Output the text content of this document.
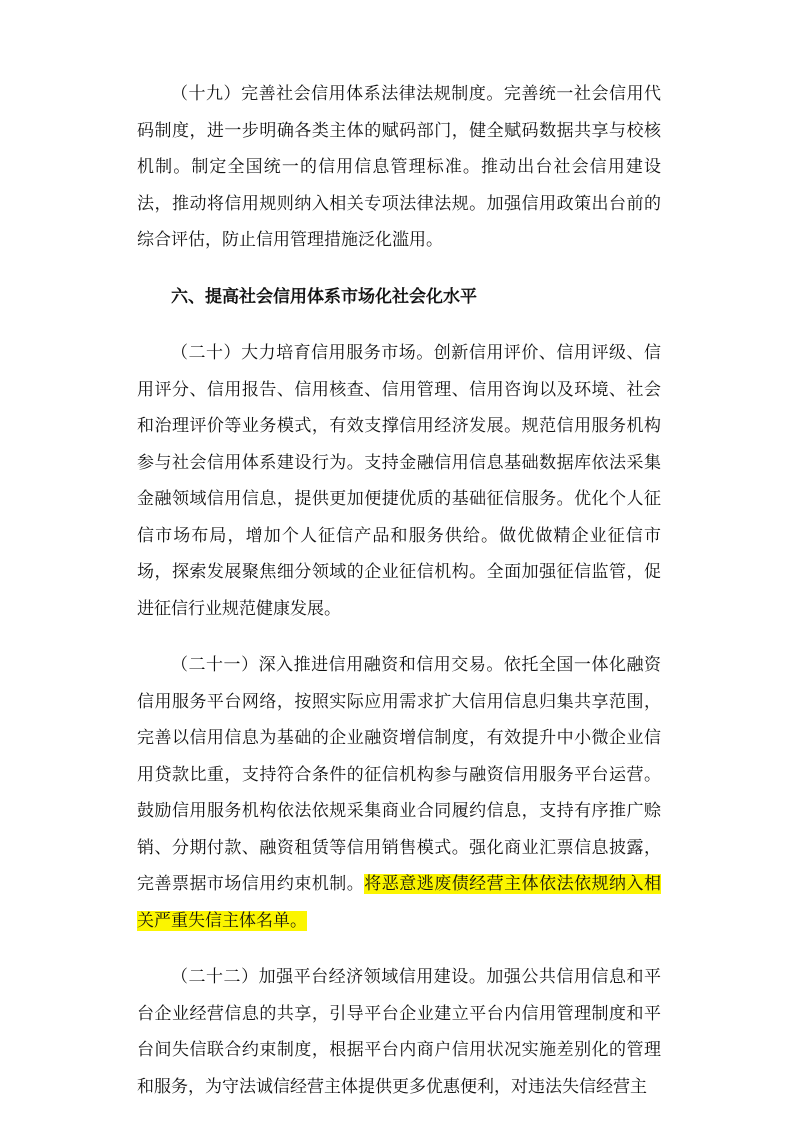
（十九）完善社会信用体系法律法规制度。完善统一社会信用代码制度，进一步明确各类主体的赋码部门，健全赋码数据共享与校核机制。制定全国统一的信用信息管理标准。推动出台社会信用建设法，推动将信用规则纳入相关专项法律法规。加强信用政策出台前的综合评估，防止信用管理措施泛化滥用。

六、提高社会信用体系市场化社会化水平

（二十）大力培育信用服务市场。创新信用评价、信用评级、信用评分、信用报告、信用核查、信用管理、信用咨询以及环境、社会和治理评价等业务模式，有效支撑信用经济发展。规范信用服务机构参与社会信用体系建设行为。支持金融信用信息基础数据库依法采集金融领域信用信息，提供更加便捷优质的基础征信服务。优化个人征信市场布局，增加个人征信产品和服务供给。做优做精企业征信市场，探索发展聚焦细分领域的企业征信机构。全面加强征信监管，促进征信行业规范健康发展。

（二十一）深入推进信用融资和信用交易。依托全国一体化融资信用服务平台网络，按照实际应用需求扩大信用信息归集共享范围，完善以信用信息为基础的企业融资增信制度，有效提升中小微企业信用贷款比重，支持符合条件的征信机构参与融资信用服务平台运营。鼓励信用服务机构依法依规采集商业合同履约信息，支持有序推广赊销、分期付款、融资租赁等信用销售模式。强化商业汇票信息披露，完善票据市场信用约束机制。将恶意逃废债经营主体依法依规纳入相关严重失信主体名单。

（二十二）加强平台经济领域信用建设。加强公共信用信息和平台企业经营信息的共享，引导平台企业建立平台内信用管理制度和平台间失信联合约束制度，根据平台内商户信用状况实施差别化的管理和服务，为守法诚信经营主体提供更多优惠便利，对违法失信经营主
